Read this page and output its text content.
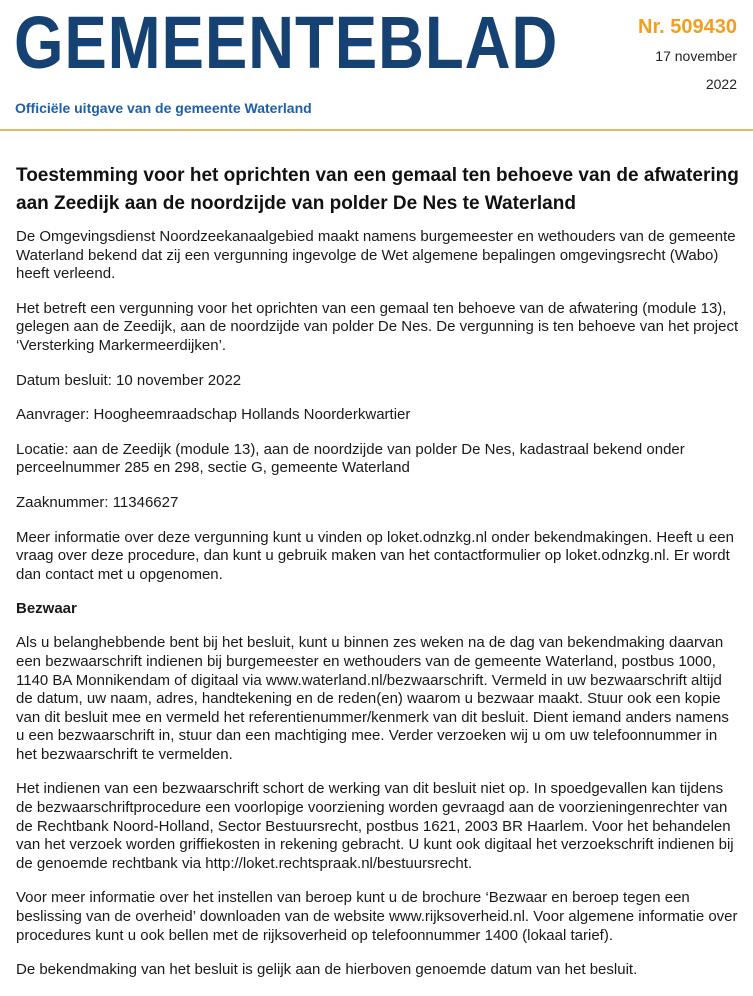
GEMEENTEBLAD
Officiële uitgave van de gemeente Waterland
Nr. 509430
17 november
2022
Toestemming voor het oprichten van een gemaal ten behoeve van de afwatering aan Zeedijk aan de noordzijde van polder De Nes te Waterland

De Omgevingsdienst Noordzeekanaalgebied maakt namens burgemeester en wethouders van de gemeente Waterland bekend dat zij een vergunning ingevolge de Wet algemene bepalingen omgevingsrecht (Wabo) heeft verleend.

Het betreft een vergunning voor het oprichten van een gemaal ten behoeve van de afwatering (module 13), gelegen aan de Zeedijk, aan de noordzijde van polder De Nes. De vergunning is ten behoeve van het project ‘Versterking Markermeerdijken’.

Datum besluit: 10 november 2022

Aanvrager: Hoogheemraadschap Hollands Noorderkwartier

Locatie: aan de Zeedijk (module 13), aan de noordzijde van polder De Nes, kadastraal bekend onder perceelnummer 285 en 298, sectie G, gemeente Waterland

Zaaknummer: 11346627

Meer informatie over deze vergunning kunt u vinden op loket.odnzkg.nl onder bekendmakingen. Heeft u een vraag over deze procedure, dan kunt u gebruik maken van het contactformulier op loket.odnzkg.nl. Er wordt dan contact met u opgenomen.

Bezwaar

Als u belanghebbende bent bij het besluit, kunt u binnen zes weken na de dag van bekendmaking daarvan een bezwaarschrift indienen bij burgemeester en wethouders van de gemeente Waterland, postbus 1000, 1140 BA Monnikendam of digitaal via www.waterland.nl/bezwaarschrift. Vermeld in uw bezwaarschrift altijd de datum, uw naam, adres, handtekening en de reden(en) waarom u bezwaar maakt. Stuur ook een kopie van dit besluit mee en vermeld het referentienummer/kenmerk van dit besluit. Dient iemand anders namens u een bezwaarschrift in, stuur dan een machtiging mee. Verder verzoeken wij u om uw telefoonnummer in het bezwaarschrift te vermelden.

Het indienen van een bezwaarschrift schort de werking van dit besluit niet op. In spoedgevallen kan tijdens de bezwaarschriftprocedure een voorlopige voorziening worden gevraagd aan de voorzieningenrechter van de Rechtbank Noord-Holland, Sector Bestuursrecht, postbus 1621, 2003 BR Haarlem. Voor het behandelen van het verzoek worden griffiekosten in rekening gebracht. U kunt ook digitaal het verzoekschrift indienen bij de genoemde rechtbank via http://loket.rechtspraak.nl/bestuursrecht.

Voor meer informatie over het instellen van beroep kunt u de brochure ‘Bezwaar en beroep tegen een beslissing van de overheid’ downloaden van de website www.rijksoverheid.nl. Voor algemene informatie over procedures kunt u ook bellen met de rijksoverheid op telefoonnummer 1400 (lokaal tarief).

De bekendmaking van het besluit is gelijk aan de hierboven genoemde datum van het besluit.
